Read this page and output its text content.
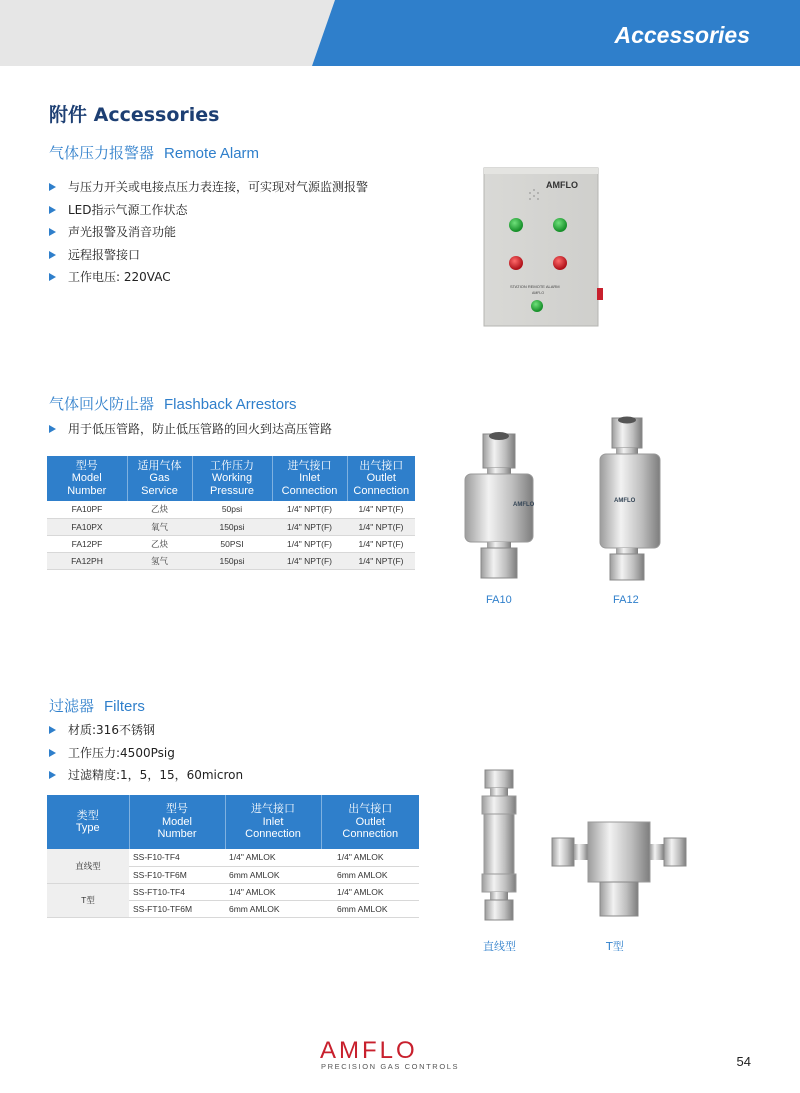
Accessories
附件 Accessories
气体压力报警器 Remote Alarm
与压力开关或电接点压力表连接，可实现对气源监测报警
LED指示气源工作状态
声光报警及消音功能
远程报警接口
工作电压: 220VAC
AMFLO
STATION REMOTE ALARM
AMFLO
气体回火防止器 Flashback Arrestors
用于低压管路，防止低压管路的回火到达高压管路
型号
Model
Number	适用气体
Gas
Service	工作压力
Working
Pressure	进气接口
Inlet
Connection	出气接口
Outlet
Connection

FA10PF	乙炔	50psi	1/4" NPT(F)	1/4" NPT(F)
FA10PX	氧气	150psi	1/4" NPT(F)	1/4" NPT(F)
FA12PF	乙炔	50PSI	1/4" NPT(F)	1/4" NPT(F)
FA12PH	氢气	150psi	1/4" NPT(F)	1/4" NPT(F)
AMFLO
AMFLO
FA10	FA12
过滤器 Filters
材质:316不锈钢
工作压力:4500Psig
过滤精度:1，5，15，60micron
类型
Type	型号
Model
Number	进气接口
Inlet
Connection	出气接口
Outlet
Connection

直线型	SS-F10-TF4	1/4" AMLOK	1/4" AMLOK
	SS-F10-TF6M	6mm AMLOK	6mm AMLOK
T型	SS-FT10-TF4	1/4" AMLOK	1/4" AMLOK
	SS-FT10-TF6M	6mm AMLOK	6mm AMLOK
直线型	T型
AMFLO
PRECISION GAS CONTROLS	54
